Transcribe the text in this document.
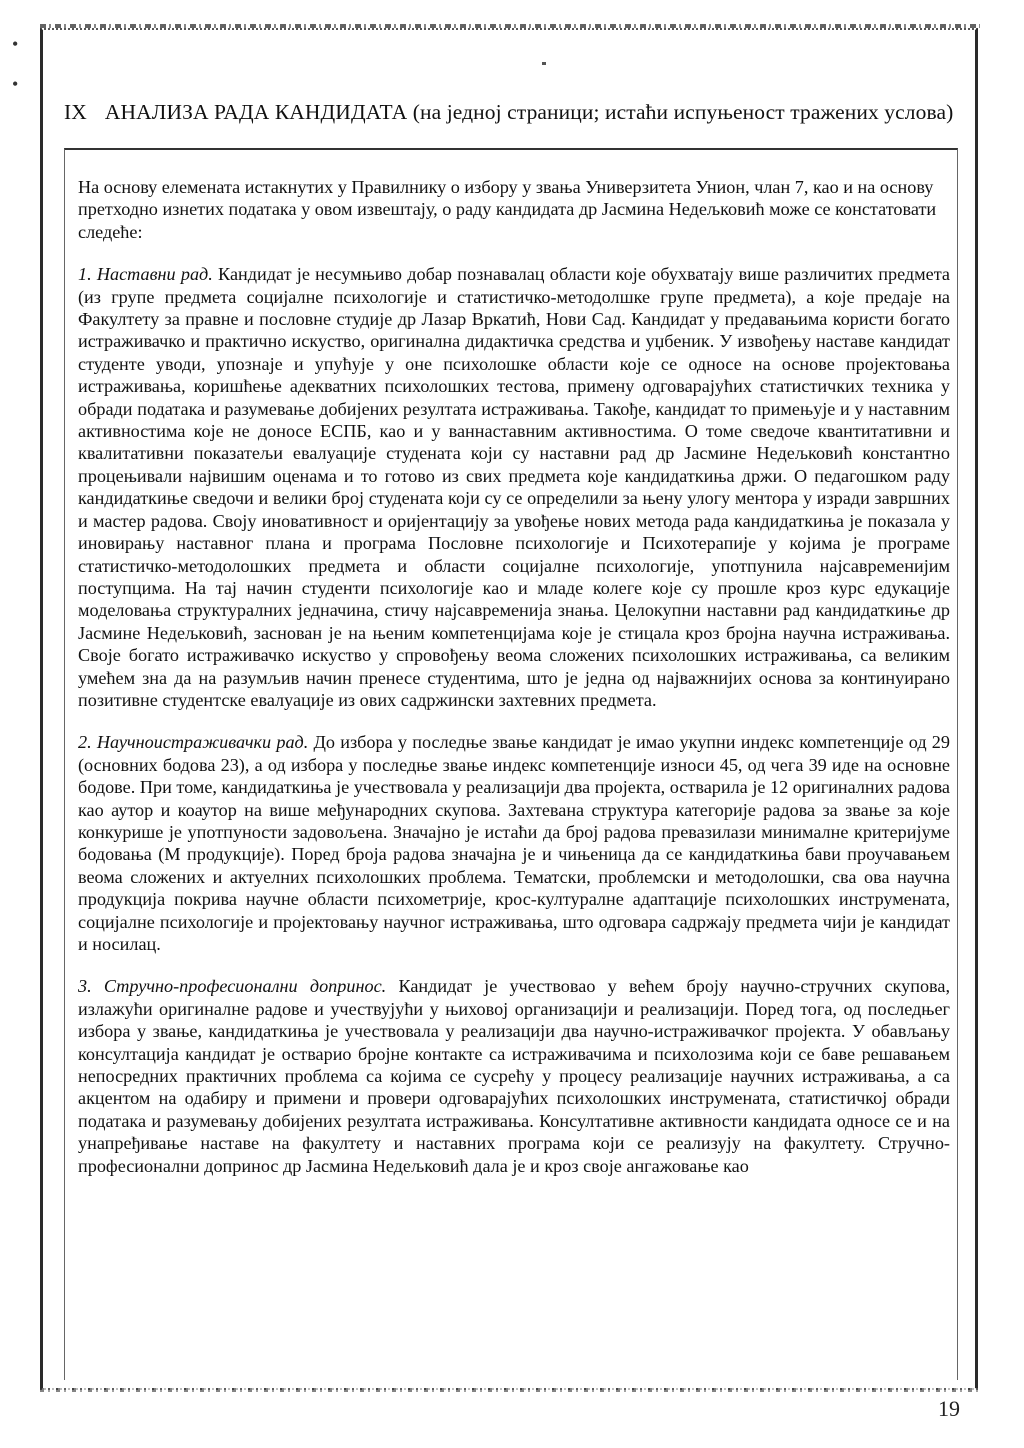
•
•
IX АНАЛИЗА РАДА КАНДИДАТА (на једној страници; истаћи испуњеност тражених услова)

На основу елемената истакнутих у Правилнику о избору у звања Универзитета Унион, члан 7, као и на основу претходно изнетих података у овом извештају, о раду кандидата др Јасмина Недељковић може се констатовати следеће:

1. Наставни рад. Кандидат је несумњиво добар познавалац области које обухватају више различитих предмета (из групе предмета социјалне психологије и статистичко-методолшке групе предмета), а које предаје на Факултету за правне и пословне студије др Лазар Вркатић, Нови Сад. Кандидат у предавањима користи богато истраживачко и практично искуство, оригинална дидактичка средства и уџбеник. У извођењу наставе кандидат студенте уводи, упознаје и упућује у оне психолошке области које се односе на основе пројектовања истраживања, коришћење адекватних психолошких тестова, примену одговарајућих статистичких техника у обради података и разумевање добијених резултата истраживања. Такође, кандидат то примењује и у наставним активностима које не доносе ЕСПБ, као и у ваннаставним активностима. О томе сведоче квантитативни и квалитативни показатељи евалуације студената који су наставни рад др Јасмине Недељковић константно процењивали највишим оценама и то готово из свих предмета које кандидаткиња држи. О педагошком раду кандидаткиње сведочи и велики број студената који су се определили за њену улогу ментора у изради завршних и мастер радова. Своју иновативност и оријентацију за увођење нових метода рада кандидаткиња је показала у иновирању наставног плана и програма Пословне психологије и Психотерапије у којима је програме статистичко-методолошких предмета и области социјалне психологије, употпунила најсавременијим поступцима. На тај начин студенти психологије као и младе колеге које су прошле кроз курс едукације моделовања структуралних једначина, стичу најсавременија знања. Целокупни наставни рад кандидаткиње др Јасмине Недељковић, заснован је на њеним компетенцијама које је стицала кроз бројна научна истраживања. Своје богато истраживачко искуство у спровођењу веома сложених психолошких истраживања, са великим умећем зна да на разумљив начин пренесе студентима, што је једна од најважнијих основа за континуирано позитивне студентске евалуације из ових садржински захтевних предмета.

2. Научноистраживачки рад. До избора у последње звање кандидат је имао укупни индекс компетенције од 29 (основних бодова 23), а од избора у последње звање индекс компетенције износи 45, од чега 39 иде на основне бодове. При томе, кандидаткиња је учествовала у реализацији два пројекта, остварила је 12 оригиналних радова као аутор и коаутор на више међународних скупова. Захтевана структура категорије радова за звање за које конкурише је употпуности задовољена. Значајно је истаћи да број радова превазилази минималне критеријуме бодовања (М продукције). Поред броја радова значајна је и чињеница да се кандидаткиња бави проучавањем веома сложених и актуелних психолошких проблема. Тематски, проблемски и методолошки, сва ова научна продукција покрива научне области психометрије, крос-културалне адаптације психолошких инструмената, социјалне психологије и пројектовању научног истраживања, што одговара садржају предмета чији је кандидат и носилац.

3. Стручно-професионални допринос. Кандидат је учествовао у већем броју научно-стручних скупова, излажући оригиналне радове и учествујући у њиховој организацији и реализацији. Поред тога, од последњег избора у звање, кандидаткиња је учествовала у реализацији два научно-истраживачког пројекта. У обављању консултација кандидат је остварио бројне контакте са истраживачима и психолозима који се баве решавањем непосредних практичних проблема са којима се сусрећу у процесу реализације научних истраживања, а са акцентом на одабиру и примени и провери одговарајућих психолошких инструмената, статистичкој обради података и разумевању добијених резултата истраживања. Консултативне активности кандидата односе се и на унапређивање наставе на факултету и наставних програма који се реализују на факултету. Стручно-професионални допринос др Јасмина Недељковић дала је и кроз своје ангажовање као

19
